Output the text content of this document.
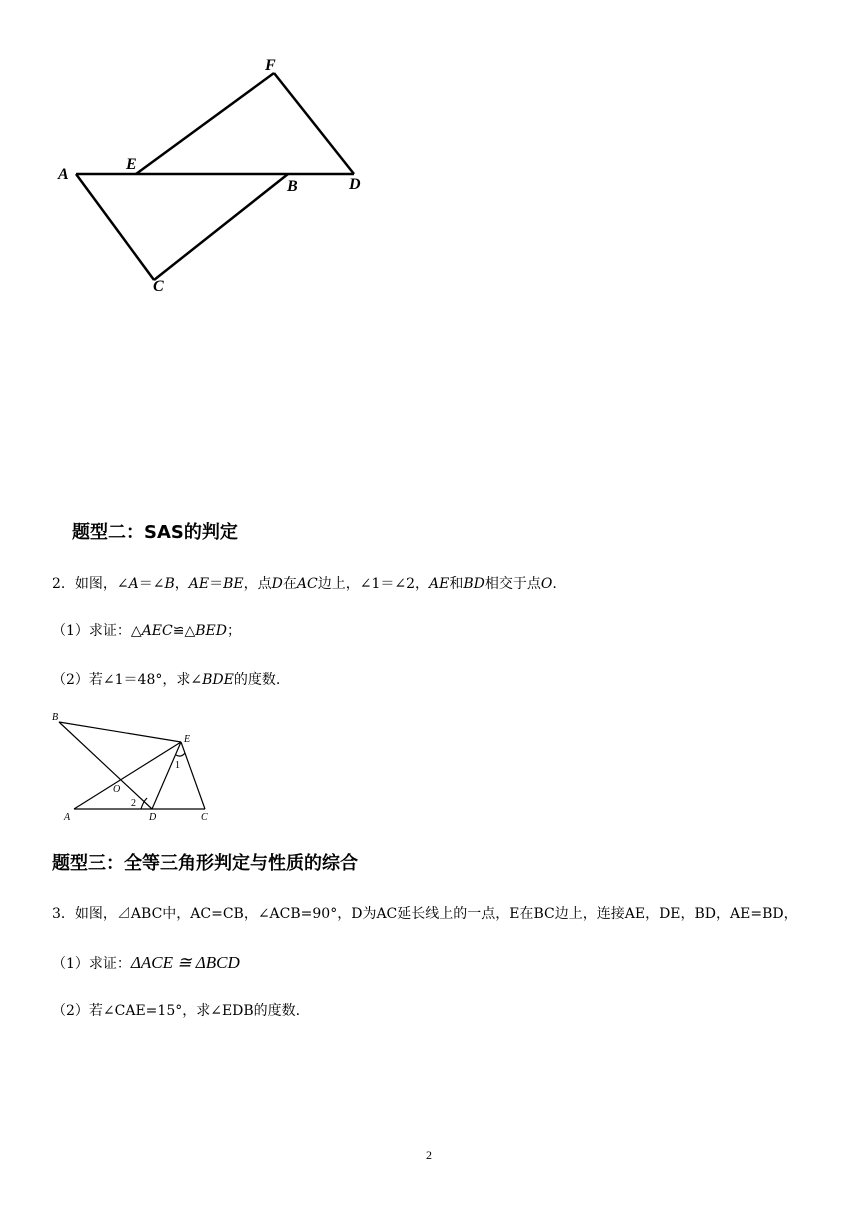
F
A
E
B	D
C
题型二：SAS的判定
2．如图，∠A＝∠B，AE＝BE，点D在AC边上，∠1＝∠2，AE和BD相交于点O.
（1）求证：△AEC≌△BED；
（2）若∠1＝48°，求∠BDE的度数.
B
E
O
1
2
A	D	C
题型三：全等三角形判定与性质的综合
3．如图，⊿ABC中，AC=CB，∠ACB=90°，D为AC延长线上的一点，E在BC边上，连接AE，DE，BD，AE=BD，
（1）求证：ΔACE ≅ ΔBCD
（2）若∠CAE=15°，求∠EDB的度数.
2
